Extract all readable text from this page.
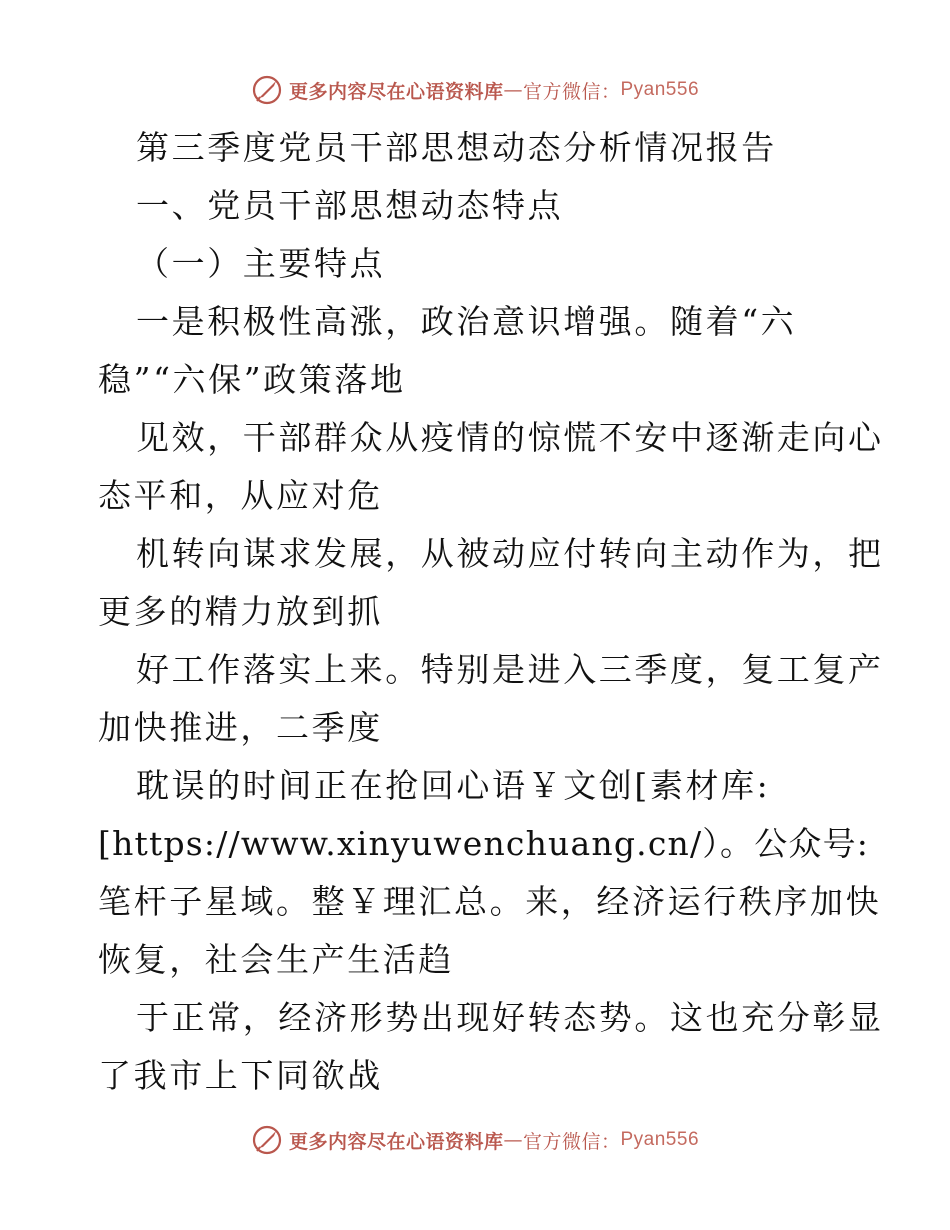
更多内容尽在心语资料库 — 官方微信： Pyan556
第三季度党员干部思想动态分析情况报告
一、党员干部思想动态特点
（一）主要特点
一是积极性高涨，政治意识增强。随着“六
稳”“六保”政策落地
见效，干部群众从疫情的惊慌不安中逐渐走向心
态平和，从应对危
机转向谋求发展，从被动应付转向主动作为，把
更多的精力放到抓
好工作落实上来。特别是进入三季度，复工复产
加快推进，二季度
耽误的时间正在抢回心语￥文创[素材库:
[https://www.xinyuwenchuang.cn/）。公众号:
笔杆子星域。整￥理汇总。来，经济运行秩序加快
恢复，社会生产生活趋
于正常，经济形势出现好转态势。这也充分彰显
了我市上下同欲战
更多内容尽在心语资料库 — 官方微信： Pyan556
